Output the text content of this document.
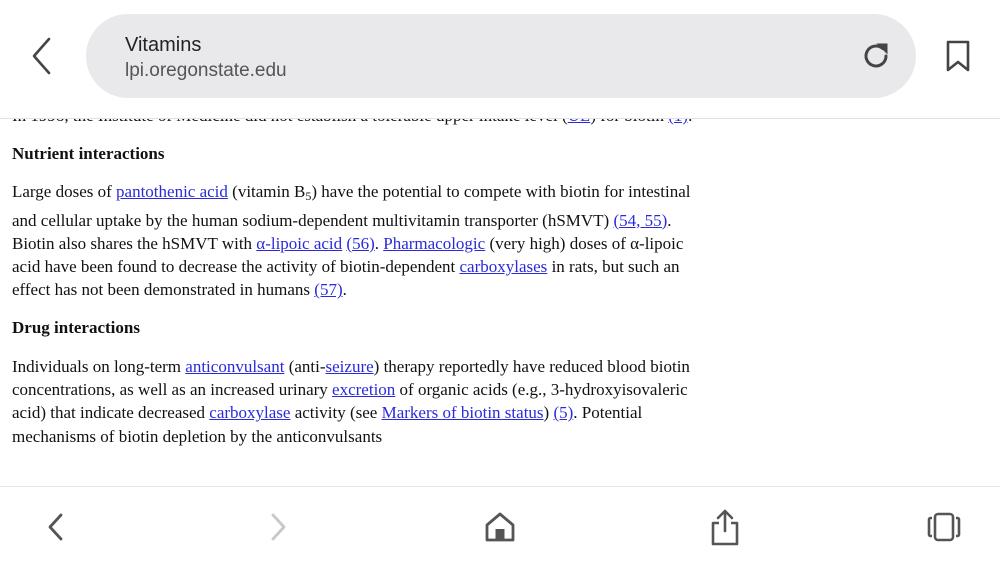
Nutrient interactions

Large doses of pantothenic acid (vitamin $B_5$) have the potential to compete with biotin for intestinal and cellular uptake by the human sodium-dependent multivitamin transporter (hSMVT) (54, 55). Biotin also shares the hSMVT with α-lipoic acid (56). Pharmacologic (very high) doses of α-lipoic acid have been found to decrease the activity of biotin-dependent carboxylases in rats, but such an effect has not been demonstrated in humans (57).

Drug interactions

Individuals on long-term anticonvulsant (anti-seizure) therapy reportedly have reduced blood biotin concentrations, as well as an increased urinary excretion of organic acids (e.g., 3-hydroxyisovaleric acid) that indicate decreased carboxylase activity (see Markers of biotin status) (5). Potential mechanisms of biotin depletion by the anticonvulsants

Vitamins
lpi.oregonstate.edu
